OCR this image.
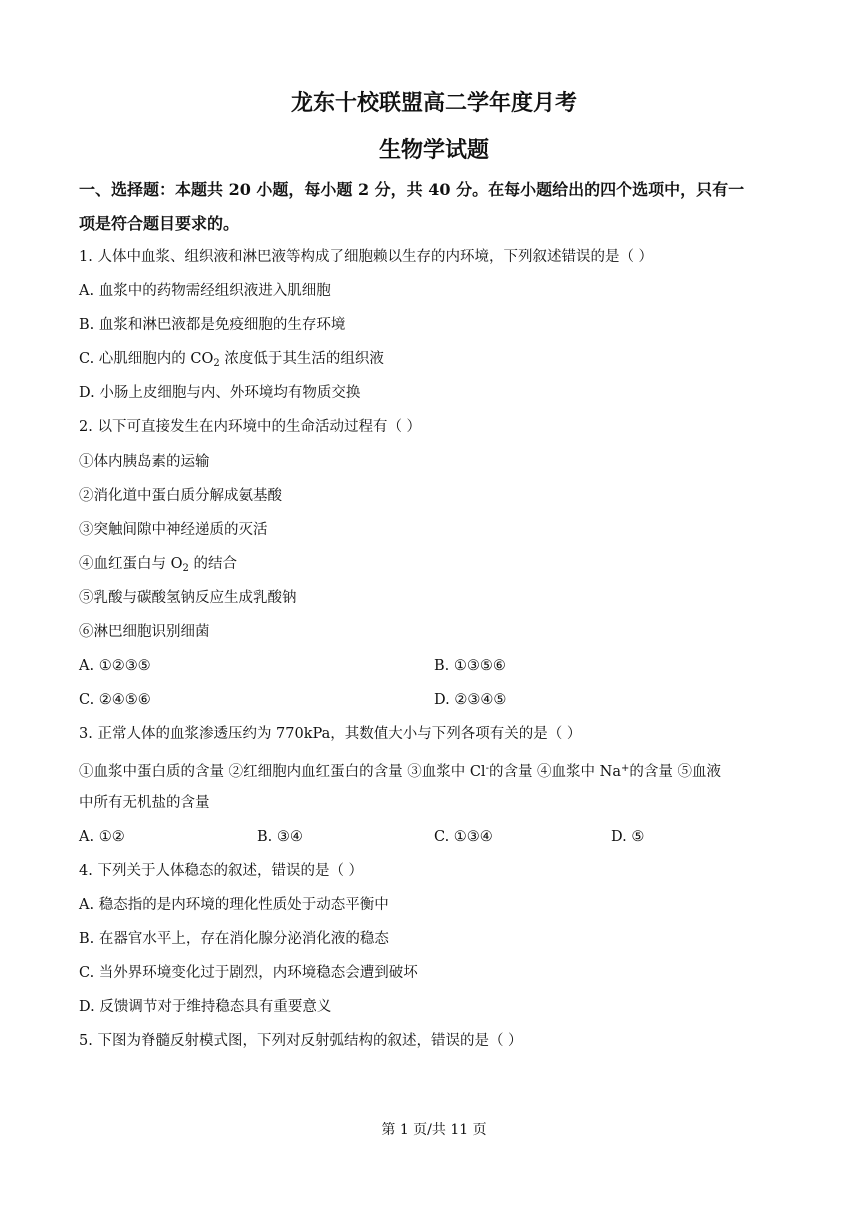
龙东十校联盟高二学年度月考
生物学试题
一、选择题：本题共 20 小题，每小题 2 分，共 40 分。在每小题给出的四个选项中，只有一
项是符合题目要求的。
1. 人体中血浆、组织液和淋巴液等构成了细胞赖以生存的内环境，下列叙述错误的是（ ）
A. 血浆中的药物需经组织液进入肌细胞
B. 血浆和淋巴液都是免疫细胞的生存环境
C. 心肌细胞内的 $CO_2$ 浓度低于其生活的组织液
D. 小肠上皮细胞与内、外环境均有物质交换
2. 以下可直接发生在内环境中的生命活动过程有（ ）
①体内胰岛素的运输
②消化道中蛋白质分解成氨基酸
③突触间隙中神经递质的灭活
④血红蛋白与 $O_2$ 的结合
⑤乳酸与碳酸氢钠反应生成乳酸钠
⑥淋巴细胞识别细菌
A. ①②③⑤	B. ①③⑤⑥
C. ②④⑤⑥	D. ②③④⑤
3. 正常人体的血浆渗透压约为 770kPa，其数值大小与下列各项有关的是（ ）
①血浆中蛋白质的含量 ②红细胞内血红蛋白的含量 ③血浆中 Cl-的含量 ④血浆中 Na+的含量 ⑤血液
中所有无机盐的含量
A. ①②	B. ③④	C. ①③④	D. ⑤
4. 下列关于人体稳态的叙述，错误的是（ ）
A. 稳态指的是内环境的理化性质处于动态平衡中
B. 在器官水平上，存在消化腺分泌消化液的稳态
C. 当外界环境变化过于剧烈，内环境稳态会遭到破坏
D. 反馈调节对于维持稳态具有重要意义
5. 下图为脊髓反射模式图，下列对反射弧结构的叙述，错误的是（ ）
第 1 页/共 11 页
